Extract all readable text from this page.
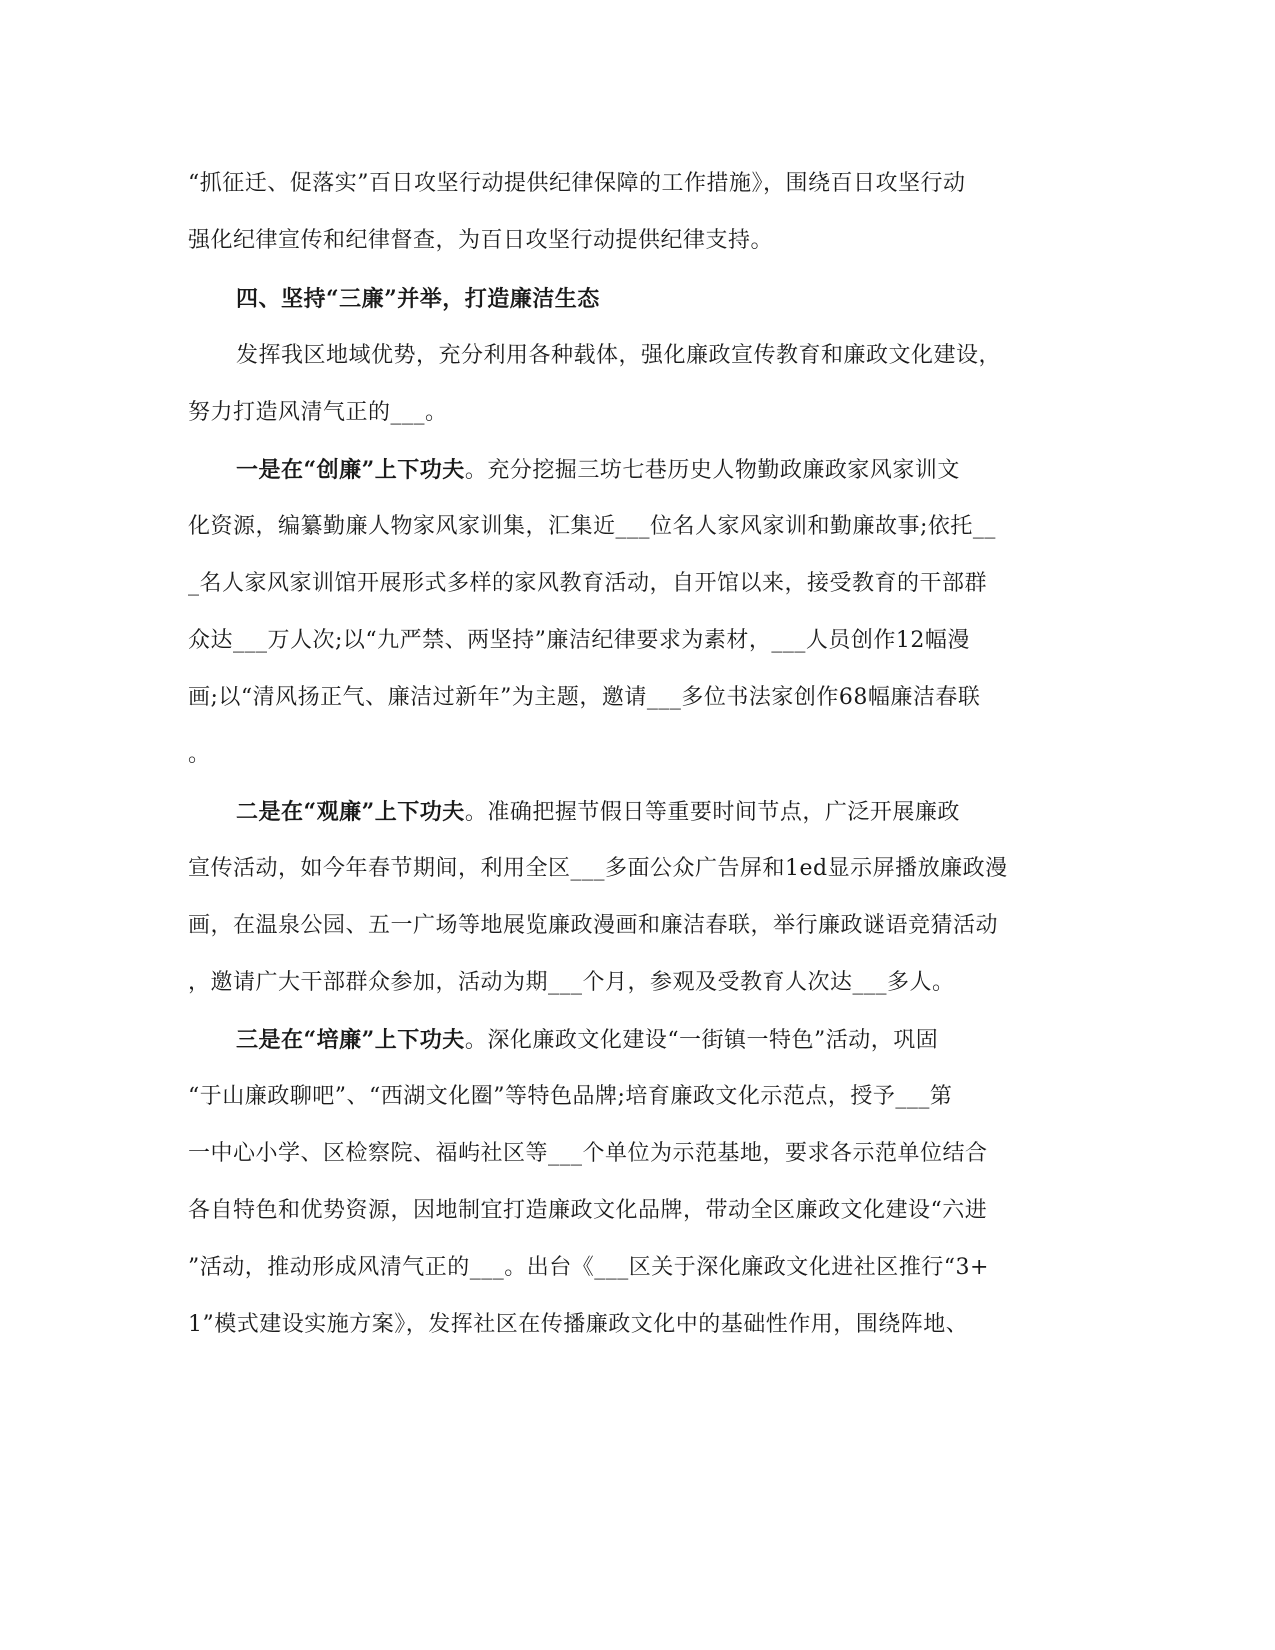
“抓征迁、促落实”百日攻坚行动提供纪律保障的工作措施》，围绕百日攻坚行动
强化纪律宣传和纪律督查，为百日攻坚行动提供纪律支持。
四、坚持“三廉”并举，打造廉洁生态
发挥我区地域优势，充分利用各种载体，强化廉政宣传教育和廉政文化建设，
努力打造风清气正的___。
一是在“创廉”上下功夫。充分挖掘三坊七巷历史人物勤政廉政家风家训文
化资源，编纂勤廉人物家风家训集，汇集近___位名人家风家训和勤廉故事;依托__
_名人家风家训馆开展形式多样的家风教育活动，自开馆以来，接受教育的干部群
众达___万人次;以“九严禁、两坚持”廉洁纪律要求为素材，___人员创作12幅漫
画;以“清风扬正气、廉洁过新年”为主题，邀请___多位书法家创作68幅廉洁春联
。
二是在“观廉”上下功夫。准确把握节假日等重要时间节点，广泛开展廉政
宣传活动，如今年春节期间，利用全区___多面公众广告屏和1ed显示屏播放廉政漫
画，在温泉公园、五一广场等地展览廉政漫画和廉洁春联，举行廉政谜语竞猜活动
，邀请广大干部群众参加，活动为期___个月，参观及受教育人次达___多人。
三是在“培廉”上下功夫。深化廉政文化建设“一街镇一特色”活动，巩固
“于山廉政聊吧”、“西湖文化圈”等特色品牌;培育廉政文化示范点，授予___第
一中心小学、区检察院、福屿社区等___个单位为示范基地，要求各示范单位结合
各自特色和优势资源，因地制宜打造廉政文化品牌，带动全区廉政文化建设“六进
”活动，推动形成风清气正的___。出台《___区关于深化廉政文化进社区推行“3+
1”模式建设实施方案》，发挥社区在传播廉政文化中的基础性作用，围绕阵地、
